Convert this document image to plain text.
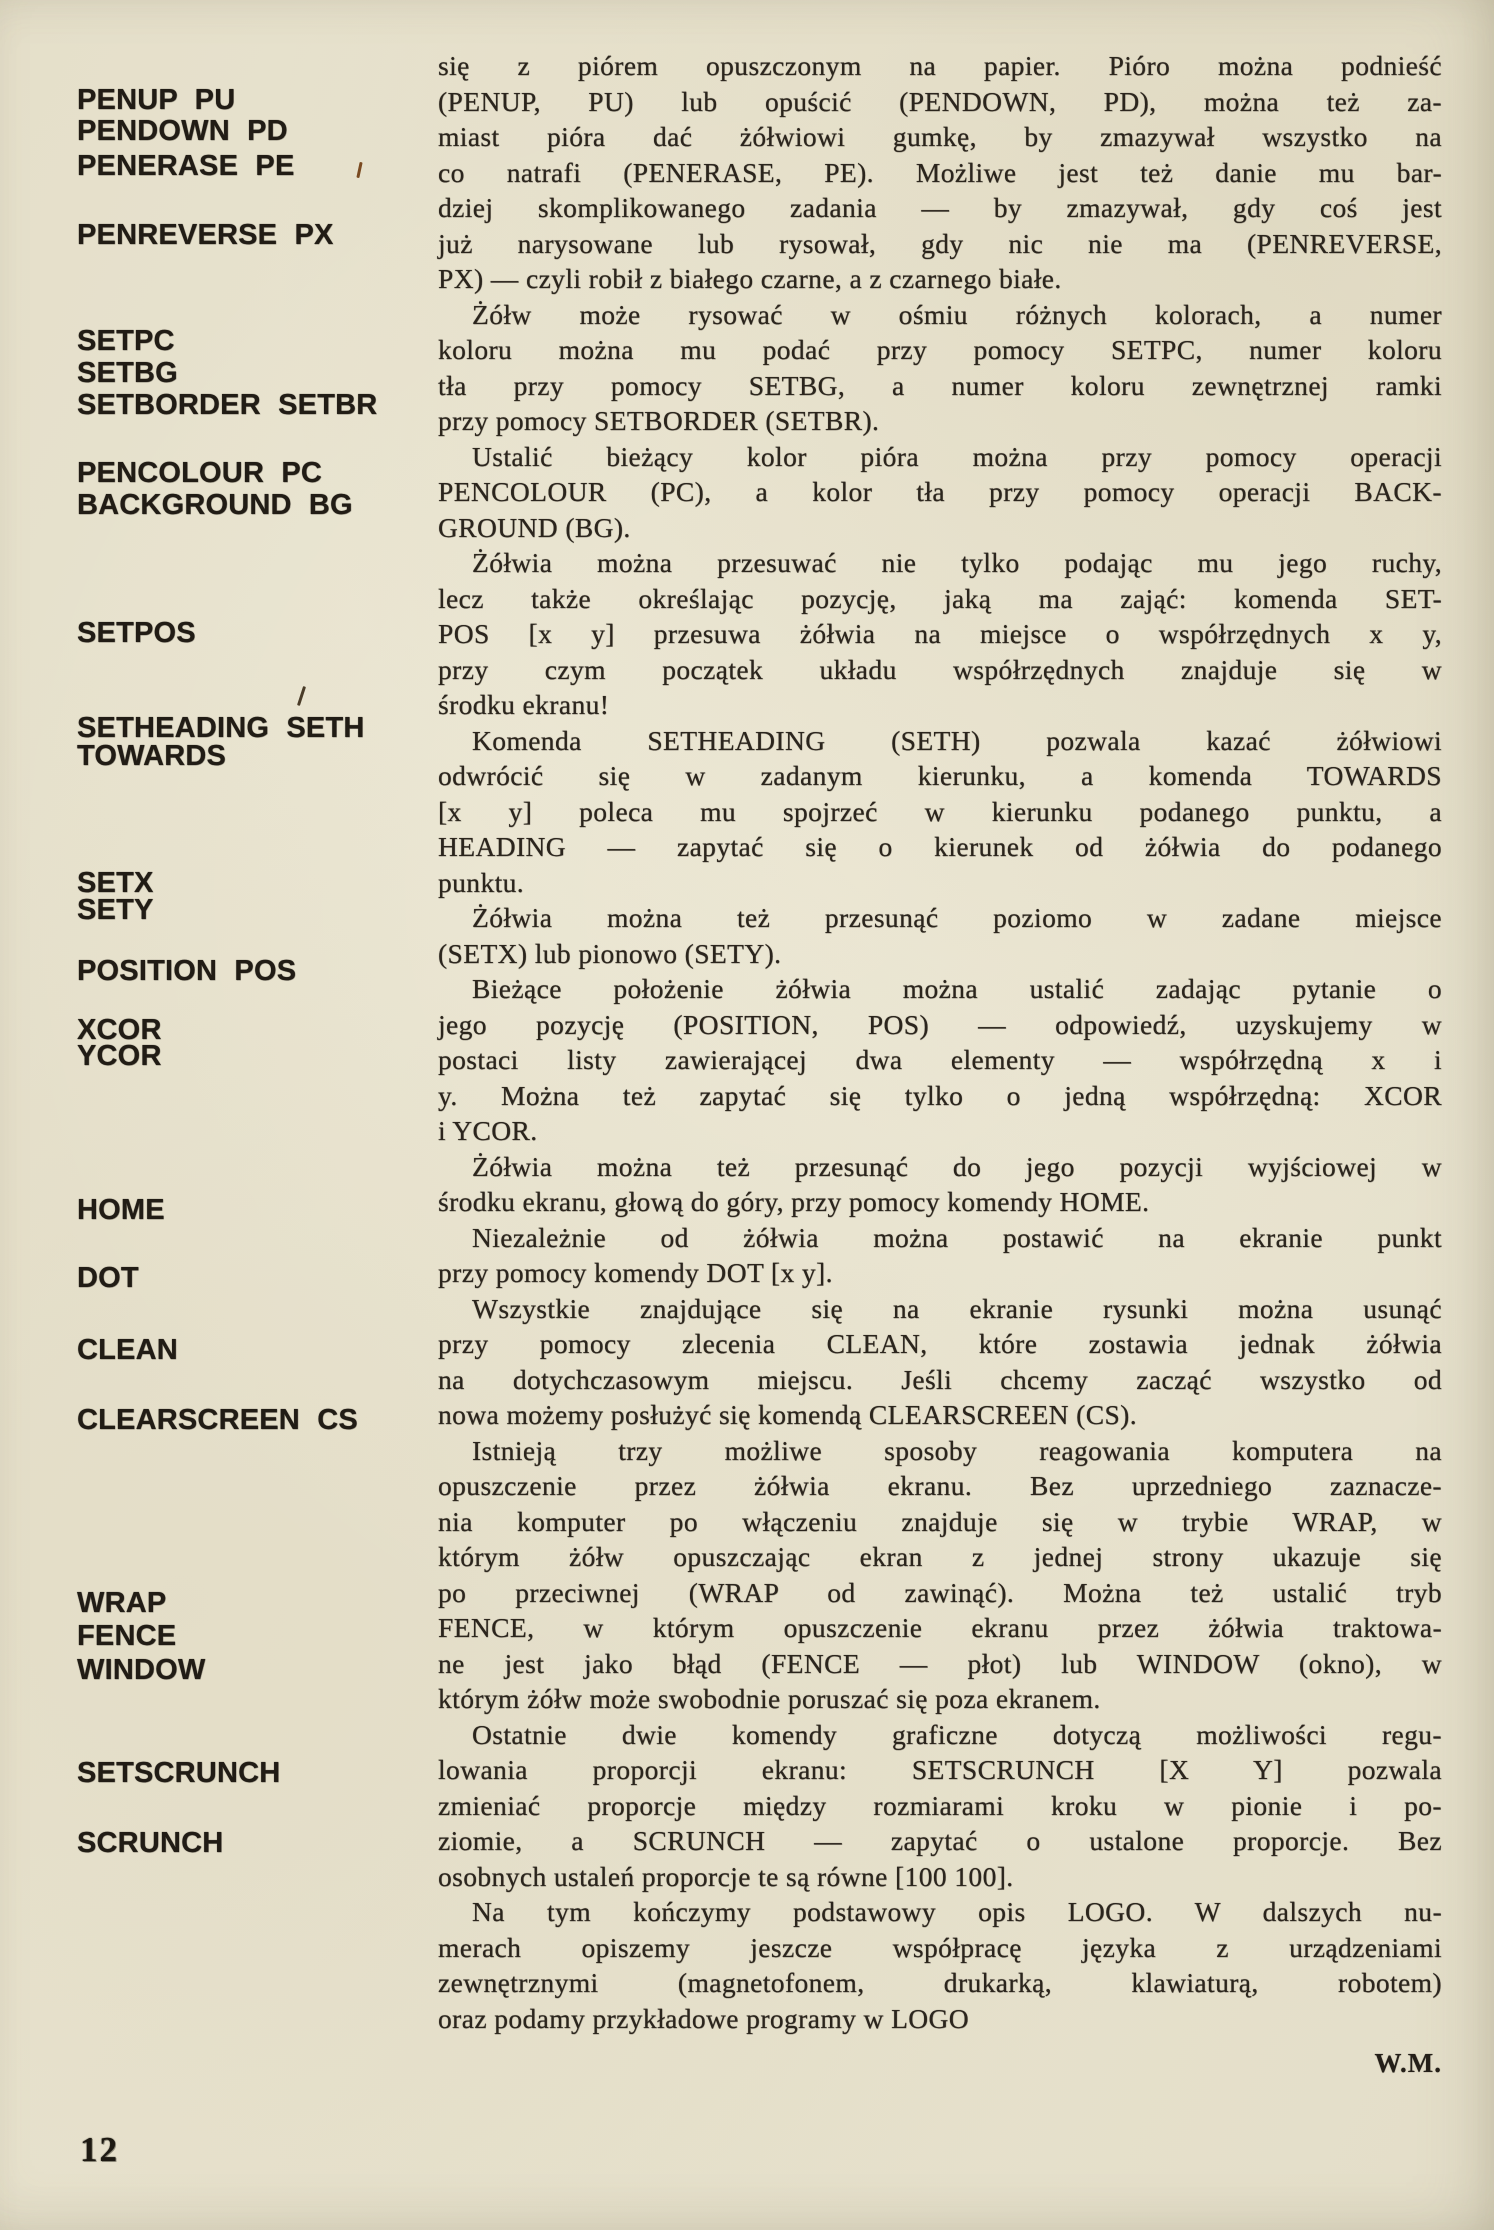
PENUP PU
PENDOWN PD
PENERASE PE
PENREVERSE PX
SETPC
SETBG
SETBORDER SETBR
PENCOLOUR PC
BACKGROUND BG
SETPOS
SETHEADING SETH
TOWARDS
SETX
SETY
POSITION POS
XCOR
YCOR
HOME
DOT
CLEAN
CLEARSCREEN CS
WRAP
FENCE
WINDOW
SETSCRUNCH
SCRUNCH
się z piórem opuszczonym na papier. Pióro można podnieść
(PENUP, PU) lub opuścić (PENDOWN, PD), można też za-
miast pióra dać żółwiowi gumkę, by zmazywał wszystko na
co natrafi (PENERASE, PE). Możliwe jest też danie mu bar-
dziej skomplikowanego zadania — by zmazywał, gdy coś jest
już narysowane lub rysował, gdy nic nie ma (PENREVERSE,
PX) — czyli robił z białego czarne, a z czarnego białe.
Żółw może rysować w ośmiu różnych kolorach, a numer
koloru można mu podać przy pomocy SETPC, numer koloru
tła przy pomocy SETBG, a numer koloru zewnętrznej ramki
przy pomocy SETBORDER (SETBR).
Ustalić bieżący kolor pióra można przy pomocy operacji
PENCOLOUR (PC), a kolor tła przy pomocy operacji BACK-
GROUND (BG).
Żółwia można przesuwać nie tylko podając mu jego ruchy,
lecz także określając pozycję, jaką ma zająć: komenda SET-
POS [x y] przesuwa żółwia na miejsce o współrzędnych x y,
przy czym początek układu współrzędnych znajduje się w
środku ekranu!
Komenda SETHEADING (SETH) pozwala kazać żółwiowi
odwrócić się w zadanym kierunku, a komenda TOWARDS
[x y] poleca mu spojrzeć w kierunku podanego punktu, a
HEADING — zapytać się o kierunek od żółwia do podanego
punktu.
Żółwia można też przesunąć poziomo w zadane miejsce
(SETX) lub pionowo (SETY).
Bieżące położenie żółwia można ustalić zadając pytanie o
jego pozycję (POSITION, POS) — odpowiedź, uzyskujemy w
postaci listy zawierającej dwa elementy — współrzędną x i
y. Można też zapytać się tylko o jedną współrzędną: XCOR
i YCOR.
Żółwia można też przesunąć do jego pozycji wyjściowej w
środku ekranu, głową do góry, przy pomocy komendy HOME.
Niezależnie od żółwia można postawić na ekranie punkt
przy pomocy komendy DOT [x y].
Wszystkie znajdujące się na ekranie rysunki można usunąć
przy pomocy zlecenia CLEAN, które zostawia jednak żółwia
na dotychczasowym miejscu. Jeśli chcemy zacząć wszystko od
nowa możemy posłużyć się komendą CLEARSCREEN (CS).
Istnieją trzy możliwe sposoby reagowania komputera na
opuszczenie przez żółwia ekranu. Bez uprzedniego zaznacze-
nia komputer po włączeniu znajduje się w trybie WRAP, w
którym żółw opuszczając ekran z jednej strony ukazuje się
po przeciwnej (WRAP od zawinąć). Można też ustalić tryb
FENCE, w którym opuszczenie ekranu przez żółwia traktowa-
ne jest jako błąd (FENCE — płot) lub WINDOW (okno), w
którym żółw może swobodnie poruszać się poza ekranem.
Ostatnie dwie komendy graficzne dotyczą możliwości regu-
lowania proporcji ekranu: SETSCRUNCH [X Y] pozwala
zmieniać proporcje między rozmiarami kroku w pionie i po-
ziomie, a SCRUNCH — zapytać o ustalone proporcje. Bez
osobnych ustaleń proporcje te są równe [100 100].
Na tym kończymy podstawowy opis LOGO. W dalszych nu-
merach opiszemy jeszcze współpracę języka z urządzeniami
zewnętrznymi (magnetofonem, drukarką, klawiaturą, robotem)
oraz podamy przykładowe programy w LOGO
W.M.
12
